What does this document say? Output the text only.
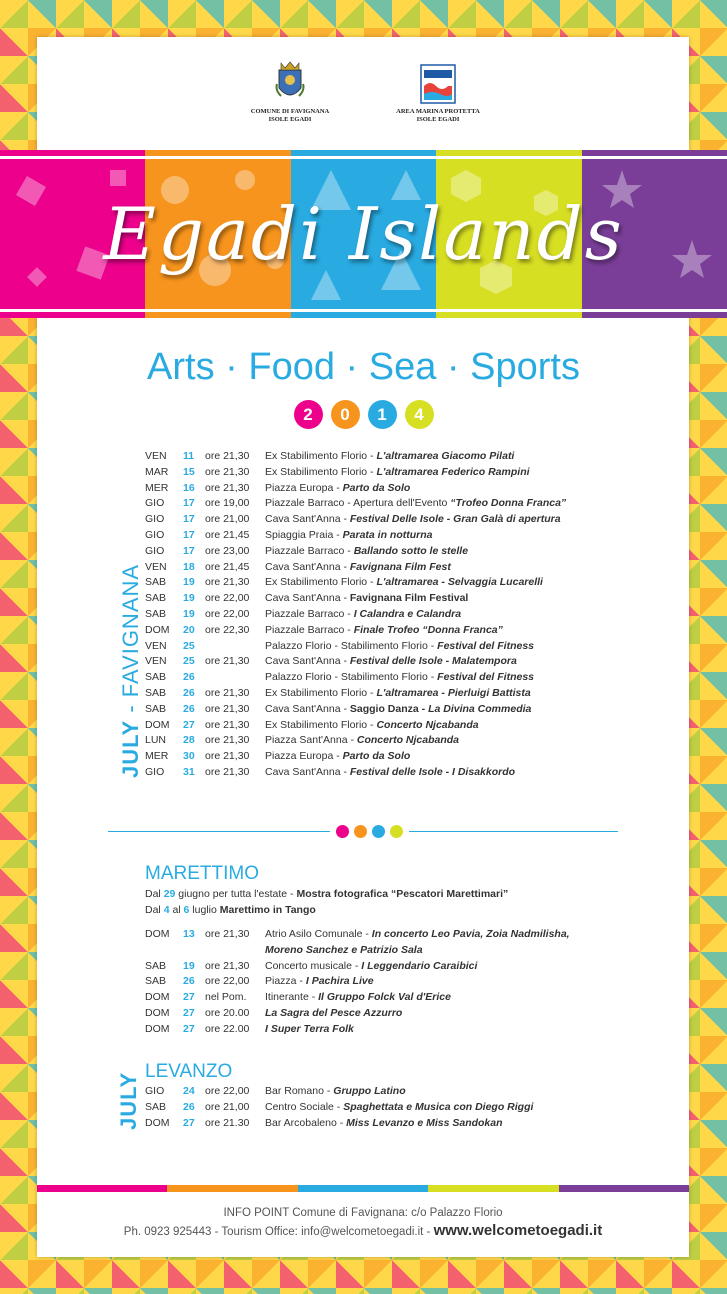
COMUNE DI FAVIGNANA
ISOLE EGADI
AREA MARINA PROTETTA
ISOLE EGADI
Egadi Islands
Arts · Food · Sea · Sports
2	0	1	4
JULY - FAVIGNANA
VEN	11	ore 21,30	Ex Stabilimento Florio - L'altramarea Giacomo Pilati
MAR	15 ore 21,30	Ex Stabilimento Florio - L'altramarea Federico Rampini
MER	16 ore 21,30	Piazza Europa - Parto da Solo
GIO	17 ore 19,00	Piazzale Barraco - Apertura dell'Evento “Trofeo Donna Franca”
GIO	17 ore 21,00	Cava Sant'Anna - Festival Delle Isole - Gran Galà di apertura
GIO	17 ore 21,45	Spiaggia Praia - Parata in notturna
GIO	17 ore 23,00	Piazzale Barraco - Ballando sotto le stelle
VEN	18 ore 21,45	Cava Sant'Anna - Favignana Film Fest
SAB	19 ore 21,30	Ex Stabilimento Florio - L'altramarea - Selvaggia Lucarelli
SAB	19 ore 22,00	Cava Sant'Anna - Favignana Film Festival
SAB	19 ore 22,00	Piazzale Barraco - I Calandra e Calandra
DOM	20 ore 22,30	Piazzale Barraco - Finale Trofeo “Donna Franca”
VEN	25	Palazzo Florio - Stabilimento Florio - Festival del Fitness
VEN	25 ore 21,30	Cava Sant'Anna - Festival delle Isole - Malatempora
SAB	26	Palazzo Florio - Stabilimento Florio - Festival del Fitness
SAB	26 ore 21,30	Ex Stabilimento Florio - L'altramarea - Pierluigi Battista
SAB	26 ore 21,30	Cava Sant'Anna - Saggio Danza - La Divina Commedia
DOM	27 ore 21,30	Ex Stabilimento Florio - Concerto Njcabanda
LUN	28 ore 21,30	Piazza Sant'Anna - Concerto Njcabanda
MER	30 ore 21,30	Piazza Europa - Parto da Solo
GIO	31 ore 21,30	Cava Sant'Anna - Festival delle Isole - I Disakkordo
MARETTIMO
Dal 29 giugno per tutta l'estate - Mostra fotografica “Pescatori Marettimari”
Dal 4 al 6 luglio Marettimo in Tango
DOM	13 ore 21,30	Atrio Asilo Comunale - In concerto Leo Pavia, Zoia Nadmilisha,
Moreno Sanchez e Patrizio Sala
SAB	19 ore 21,30	Concerto musicale - I Leggendario Caraibici
SAB	26 ore 22,00	Piazza - I Pachira Live
DOM	27 nel Pom.	Itinerante - Il Gruppo Folck Val d'Erice
DOM	27 ore 20.00	La Sagra del Pesce Azzurro
DOM	27 ore 22.00	I Super Terra Folk
JULY
LEVANZO
GIO	24 ore 22,00	Bar Romano - Gruppo Latino
SAB	26 ore 21,00	Centro Sociale - Spaghettata e Musica con Diego Riggi
DOM	27 ore 21.30	Bar Arcobaleno - Miss Levanzo e Miss Sandokan
INFO POINT Comune di Favignana: c/o Palazzo Florio
Ph. 0923 925443 - Tourism Office: info@welcometoegadi.it - www.welcometoegadi.it
